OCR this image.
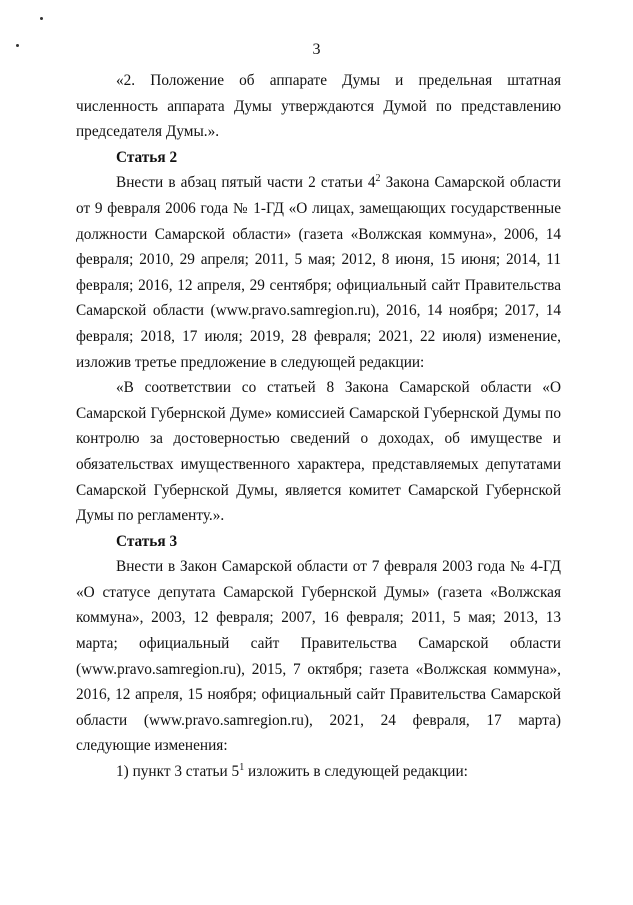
3

«2. Положение об аппарате Думы и предельная штатная численность аппарата Думы утверждаются Думой по представлению председателя Думы.».

Статья 2

Внести в абзац пятый части 2 статьи $4^2$ Закона Самарской области от 9 февраля 2006 года № 1-ГД «О лицах, замещающих государственные должности Самарской области» (газета «Волжская коммуна», 2006, 14 февраля; 2010, 29 апреля; 2011, 5 мая; 2012, 8 июня, 15 июня; 2014, 11 февраля; 2016, 12 апреля, 29 сентября; официальный сайт Правительства Самарской области (www.pravo.samregion.ru), 2016, 14 ноября; 2017, 14 февраля; 2018, 17 июля; 2019, 28 февраля; 2021, 22 июля) изменение, изложив третье предложение в следующей редакции:

«В соответствии со статьей 8 Закона Самарской области «О Самарской Губернской Думе» комиссией Самарской Губернской Думы по контролю за достоверностью сведений о доходах, об имуществе и обязательствах имущественного характера, представляемых депутатами Самарской Губернской Думы, является комитет Самарской Губернской Думы по регламенту.».

Статья 3

Внести в Закон Самарской области от 7 февраля 2003 года № 4-ГД «О статусе депутата Самарской Губернской Думы» (газета «Волжская коммуна», 2003, 12 февраля; 2007, 16 февраля; 2011, 5 мая; 2013, 13 марта; официальный сайт Правительства Самарской области (www.pravo.samregion.ru), 2015, 7 октября; газета «Волжская коммуна», 2016, 12 апреля, 15 ноября; официальный сайт Правительства Самарской области (www.pravo.samregion.ru), 2021, 24 февраля, 17 марта) следующие изменения:

1) пункт 3 статьи $5^1$ изложить в следующей редакции:
